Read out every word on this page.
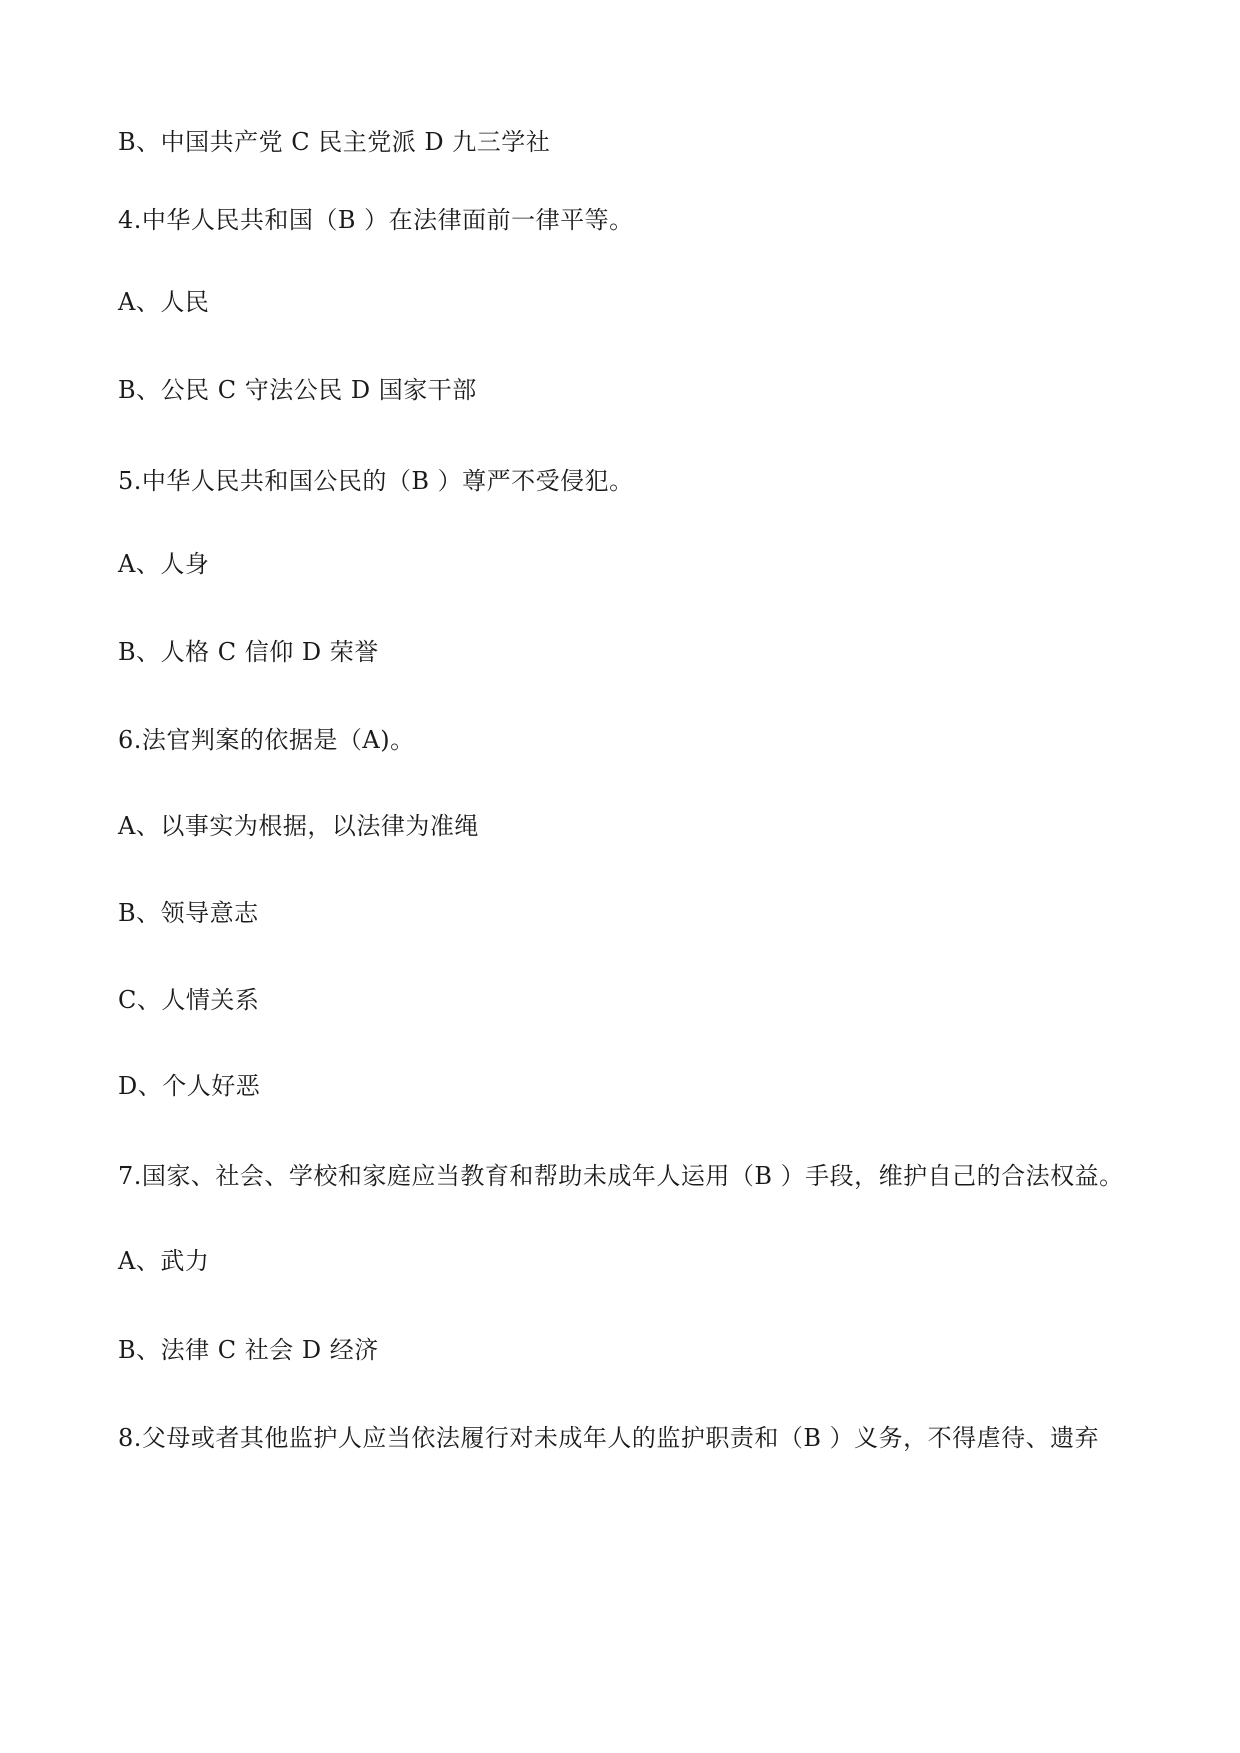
B、中国共产党 C 民主党派 D 九三学社
4.中华人民共和国（B ）在法律面前一律平等。
A、人民
B、公民 C 守法公民 D 国家干部
5.中华人民共和国公民的（B ）尊严不受侵犯。
A、人身
B、人格 C 信仰 D 荣誉
6.法官判案的依据是（A)。
A、以事实为根据，以法律为准绳
B、领导意志
C、人情关系
D、个人好恶
7.国家、社会、学校和家庭应当教育和帮助未成年人运用（B ）手段，维护自己的合法权益。
A、武力
B、法律 C 社会 D 经济
8.父母或者其他监护人应当依法履行对未成年人的监护职责和（B ）义务，不得虐待、遗弃
